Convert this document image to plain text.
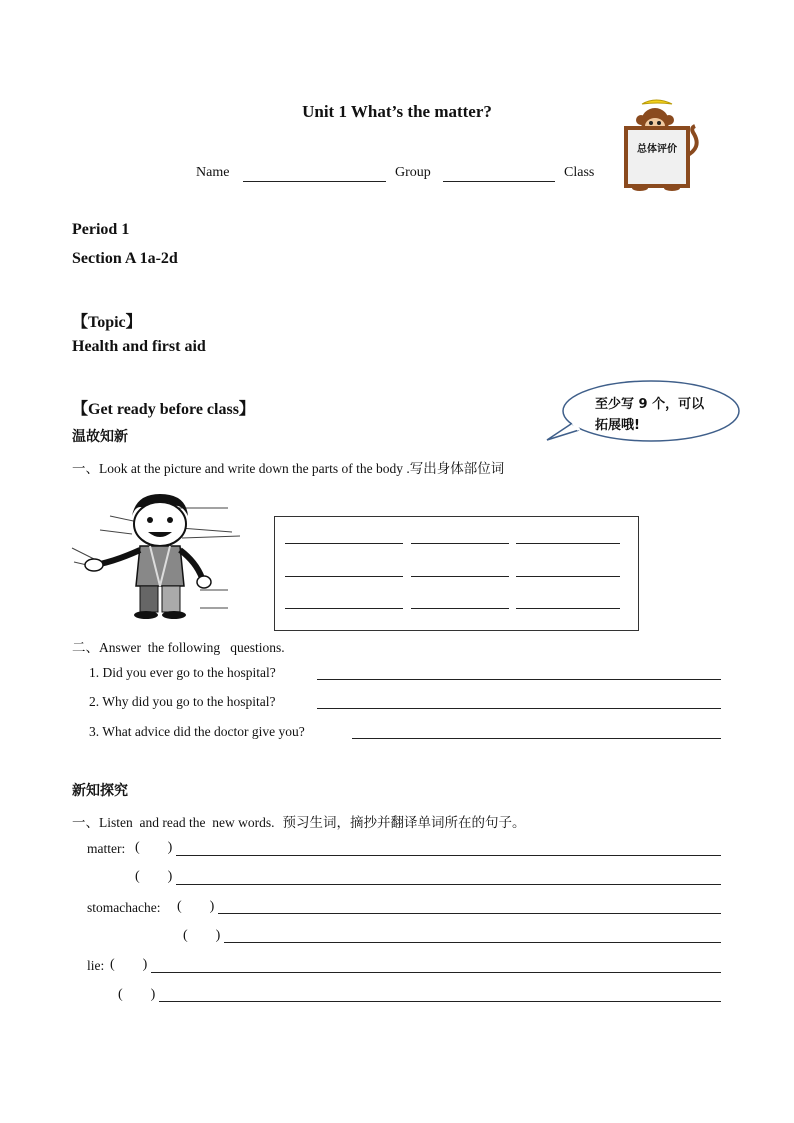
Unit 1 What’s the matter?
Name	Group	Class
总体评价
Period 1
Section A 1a-2d
【Topic】
Health and first aid
【Get ready before class】
温故知新
至少写 9 个，可以
拓展哦!
一、Look at the picture and write down the parts of the body .写出身体部位词
二、Answer  the following   questions.
1. Did you ever go to the hospital?
2. Why did you go to the hospital?
3. What advice did the doctor give you?
新知探究
一、Listen  and read the  new words. 预习生词，摘抄并翻译单词所在的句子。
matter: (        )
(        )
stomachache: (        )
(        )
lie: (        )
(        )
